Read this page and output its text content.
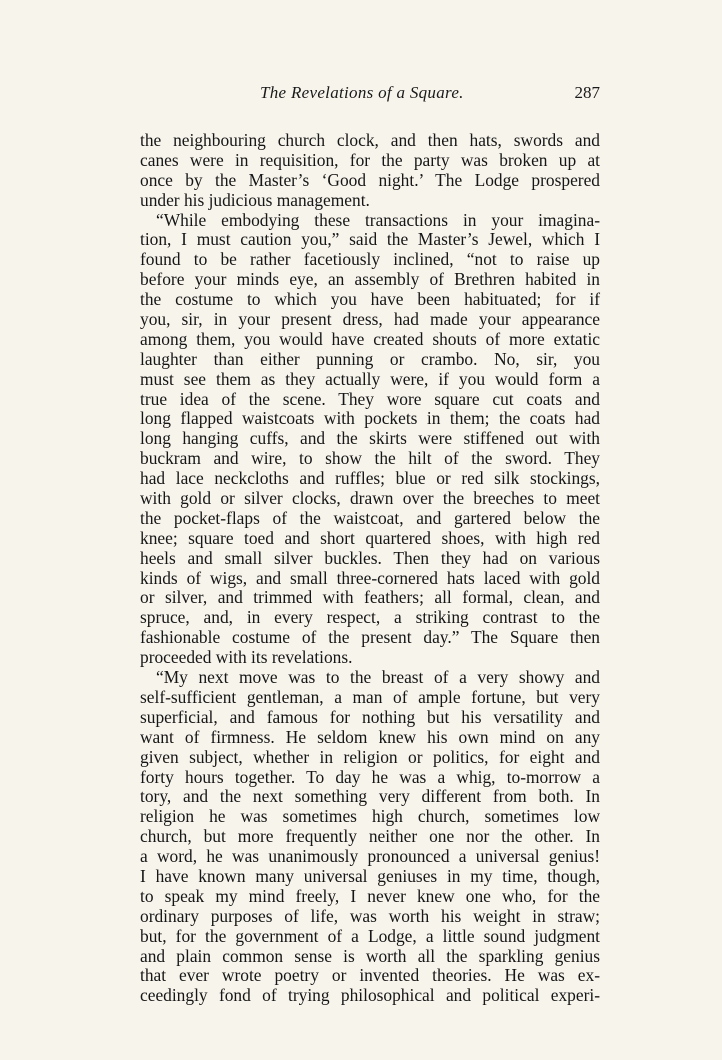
The Revelations of a Square.	287
the neighbouring church clock, and then hats, swords and
canes were in requisition, for the party was broken up at
once by the Master’s ‘Good night.’ The Lodge prospered
under his judicious management.
“While embodying these transactions in your imagina-
tion, I must caution you,” said the Master’s Jewel, which I
found to be rather facetiously inclined, “not to raise up
before your minds eye, an assembly of Brethren habited in
the costume to which you have been habituated; for if
you, sir, in your present dress, had made your appearance
among them, you would have created shouts of more extatic
laughter than either punning or crambo. No, sir, you
must see them as they actually were, if you would form a
true idea of the scene. They wore square cut coats and
long flapped waistcoats with pockets in them; the coats had
long hanging cuffs, and the skirts were stiffened out with
buckram and wire, to show the hilt of the sword. They
had lace neckcloths and ruffles; blue or red silk stockings,
with gold or silver clocks, drawn over the breeches to meet
the pocket-flaps of the waistcoat, and gartered below the
knee; square toed and short quartered shoes, with high red
heels and small silver buckles. Then they had on various
kinds of wigs, and small three-cornered hats laced with gold
or silver, and trimmed with feathers; all formal, clean, and
spruce, and, in every respect, a striking contrast to the
fashionable costume of the present day.” The Square then
proceeded with its revelations.
“My next move was to the breast of a very showy and
self-sufficient gentleman, a man of ample fortune, but very
superficial, and famous for nothing but his versatility and
want of firmness. He seldom knew his own mind on any
given subject, whether in religion or politics, for eight and
forty hours together. To day he was a whig, to-morrow a
tory, and the next something very different from both. In
religion he was sometimes high church, sometimes low
church, but more frequently neither one nor the other. In
a word, he was unanimously pronounced a universal genius!
I have known many universal geniuses in my time, though,
to speak my mind freely, I never knew one who, for the
ordinary purposes of life, was worth his weight in straw;
but, for the government of a Lodge, a little sound judgment
and plain common sense is worth all the sparkling genius
that ever wrote poetry or invented theories. He was ex-
ceedingly fond of trying philosophical and political experi-
